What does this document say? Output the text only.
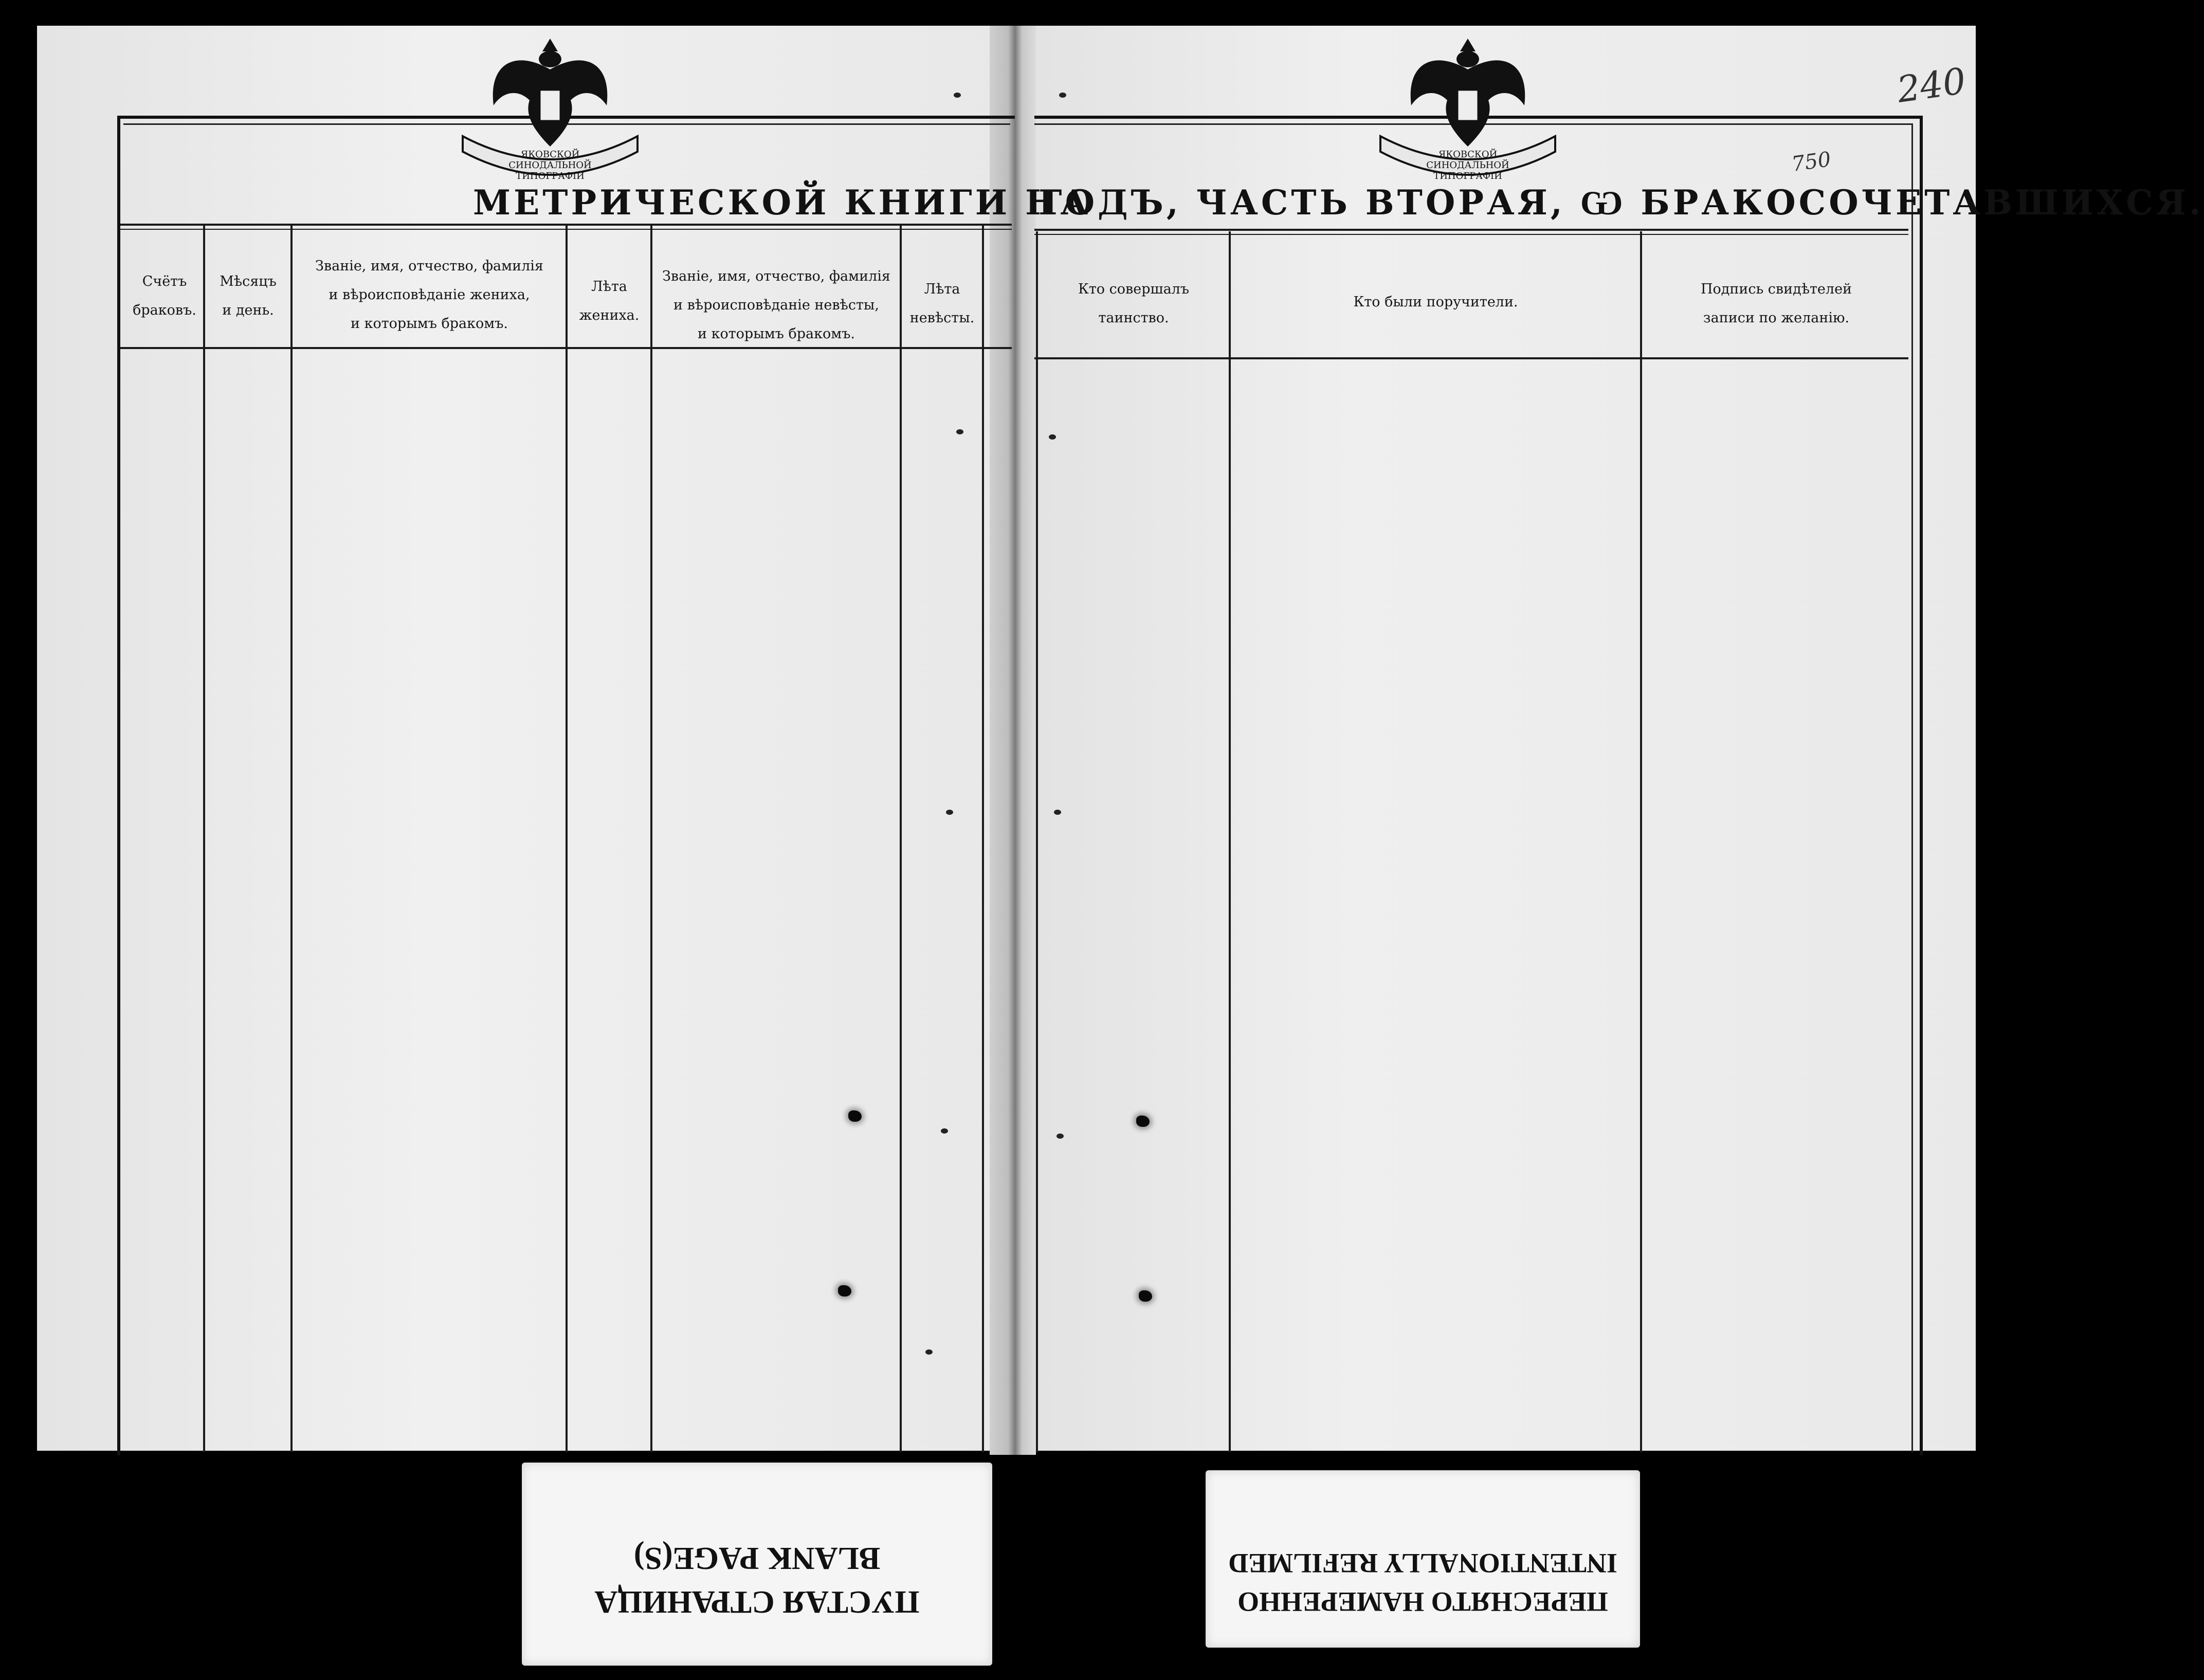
ЯКОВСКОЙ СИНОДАЛЬНОЙ ТИПОГРАФІИ
ЯКОВСКОЙ СИНОДАЛЬНОЙ ТИПОГРАФІИ
240
750
МЕТРИЧЕСКОЙ КНИГИ НА
ГОДЪ, ЧАСТЬ ВТОРАЯ, Ѡ БРАКОСОЧЕТАВШИХСЯ.
Счётъ
браковъ.
Мѣсяцъ
и день.
Званіе, имя, отчество, фамилія
и вѣроисповѣданіе жениха,
и которымъ бракомъ.
Лѣта
жениха.
Званіе, имя, отчество, фамилія
и вѣроисповѣданіе невѣсты,
и которымъ бракомъ.
Лѣта
невѣсты.
Кто совершалъ
таинство.
Кто были поручители.
Подпись свидѣтелей
записи по желанію.
ПУСТАЯ СТРАНИЦА
BLANK PAGE(S)
ПЕРЕСНЯТО НАМЕРЕННО
INTENTIONALLY REFILMED
